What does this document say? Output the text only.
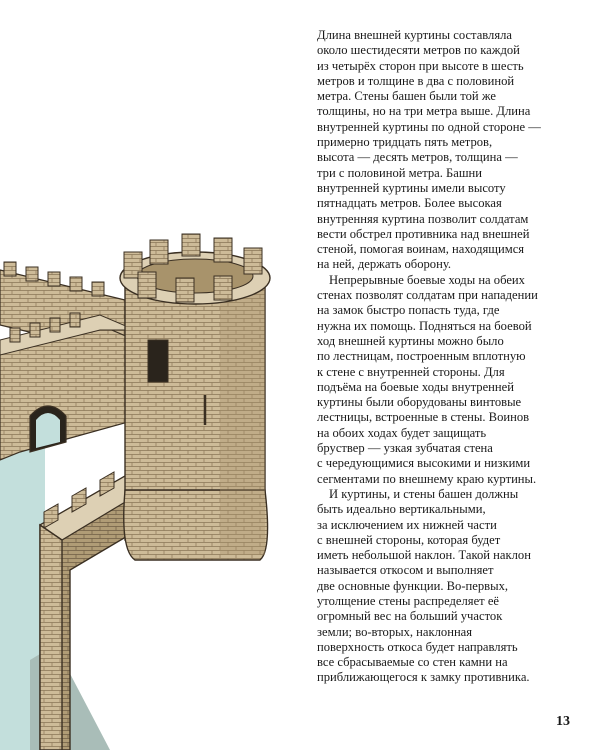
Длина внешней куртины составляла
около шестидесяти метров по каждой
из четырёх сторон при высоте в шесть
метров и толщине в два с половиной
метра. Стены башен были той же
толщины, но на три метра выше. Длина
внутренней куртины по одной стороне —
примерно тридцать пять метров,
высота — десять метров, толщина —
три с половиной метра. Башни
внутренней куртины имели высоту
пятнадцать метров. Более высокая
внутренняя куртина позволит солдатам
вести обстрел противника над внешней
стеной, помогая воинам, находящимся
на ней, держать оборону.

Непрерывные боевые ходы на обеих
стенах позволят солдатам при нападении
на замок быстро попасть туда, где
нужна их помощь. Подняться на боевой
ход внешней куртины можно было
по лестницам, построенным вплотную
к стене с внутренней стороны. Для
подъёма на боевые ходы внутренней
куртины были оборудованы винтовые
лестницы, встроенные в стены. Воинов
на обоих ходах будет защищать
бруствер — узкая зубчатая стена
с чередующимися высокими и низкими
сегментами по внешнему краю куртины.

И куртины, и стены башен должны
быть идеально вертикальными,
за исключением их нижней части
с внешней стороны, которая будет
иметь небольшой наклон. Такой наклон
называется откосом и выполняет
две основные функции. Во-первых,
утолщение стены распределяет её
огромный вес на больший участок
земли; во-вторых, наклонная
поверхность откоса будет направлять
все сбрасываемые со стен камни на
приближающегося к замку противника.

13
